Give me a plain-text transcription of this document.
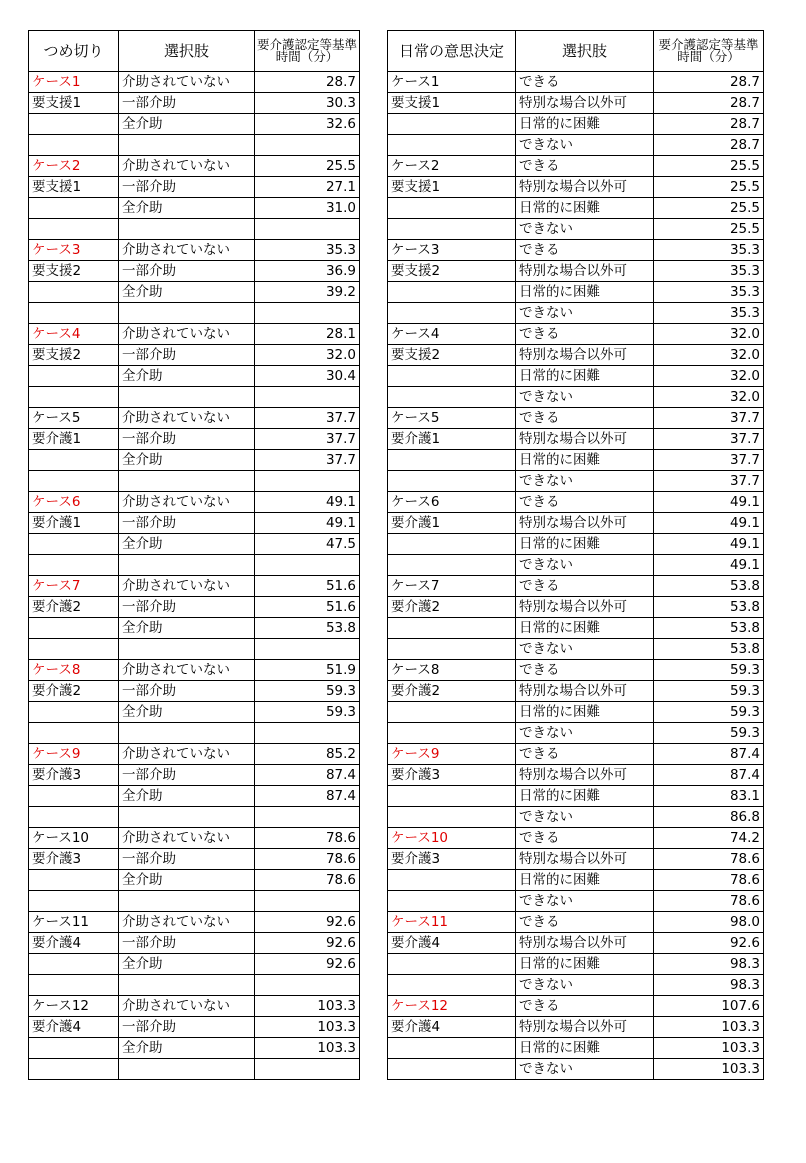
つめ切り	選択肢	要介護認定等基準時間（分）		日常の意思決定	選択肢	要介護認定等基準時間（分）
ケース1	介助されていない	28.7		ケース1	できる	28.7
要支援1	一部介助	30.3		要支援1	特別な場合以外可	28.7
	全介助	32.6			日常的に困難	28.7
					できない	28.7
ケース2	介助されていない	25.5		ケース2	できる	25.5
要支援1	一部介助	27.1		要支援1	特別な場合以外可	25.5
	全介助	31.0			日常的に困難	25.5
					できない	25.5
ケース3	介助されていない	35.3		ケース3	できる	35.3
要支援2	一部介助	36.9		要支援2	特別な場合以外可	35.3
	全介助	39.2			日常的に困難	35.3
					できない	35.3
ケース4	介助されていない	28.1		ケース4	できる	32.0
要支援2	一部介助	32.0		要支援2	特別な場合以外可	32.0
	全介助	30.4			日常的に困難	32.0
					できない	32.0
ケース5	介助されていない	37.7		ケース5	できる	37.7
要介護1	一部介助	37.7		要介護1	特別な場合以外可	37.7
	全介助	37.7			日常的に困難	37.7
					できない	37.7
ケース6	介助されていない	49.1		ケース6	できる	49.1
要介護1	一部介助	49.1		要介護1	特別な場合以外可	49.1
	全介助	47.5			日常的に困難	49.1
					できない	49.1
ケース7	介助されていない	51.6		ケース7	できる	53.8
要介護2	一部介助	51.6		要介護2	特別な場合以外可	53.8
	全介助	53.8			日常的に困難	53.8
					できない	53.8
ケース8	介助されていない	51.9		ケース8	できる	59.3
要介護2	一部介助	59.3		要介護2	特別な場合以外可	59.3
	全介助	59.3			日常的に困難	59.3
					できない	59.3
ケース9	介助されていない	85.2		ケース9	できる	87.4
要介護3	一部介助	87.4		要介護3	特別な場合以外可	87.4
	全介助	87.4			日常的に困難	83.1
					できない	86.8
ケース10	介助されていない	78.6		ケース10	できる	74.2
要介護3	一部介助	78.6		要介護3	特別な場合以外可	78.6
	全介助	78.6			日常的に困難	78.6
					できない	78.6
ケース11	介助されていない	92.6		ケース11	できる	98.0
要介護4	一部介助	92.6		要介護4	特別な場合以外可	92.6
	全介助	92.6			日常的に困難	98.3
					できない	98.3
ケース12	介助されていない	103.3		ケース12	できる	107.6
要介護4	一部介助	103.3		要介護4	特別な場合以外可	103.3
	全介助	103.3			日常的に困難	103.3
					できない	103.3
